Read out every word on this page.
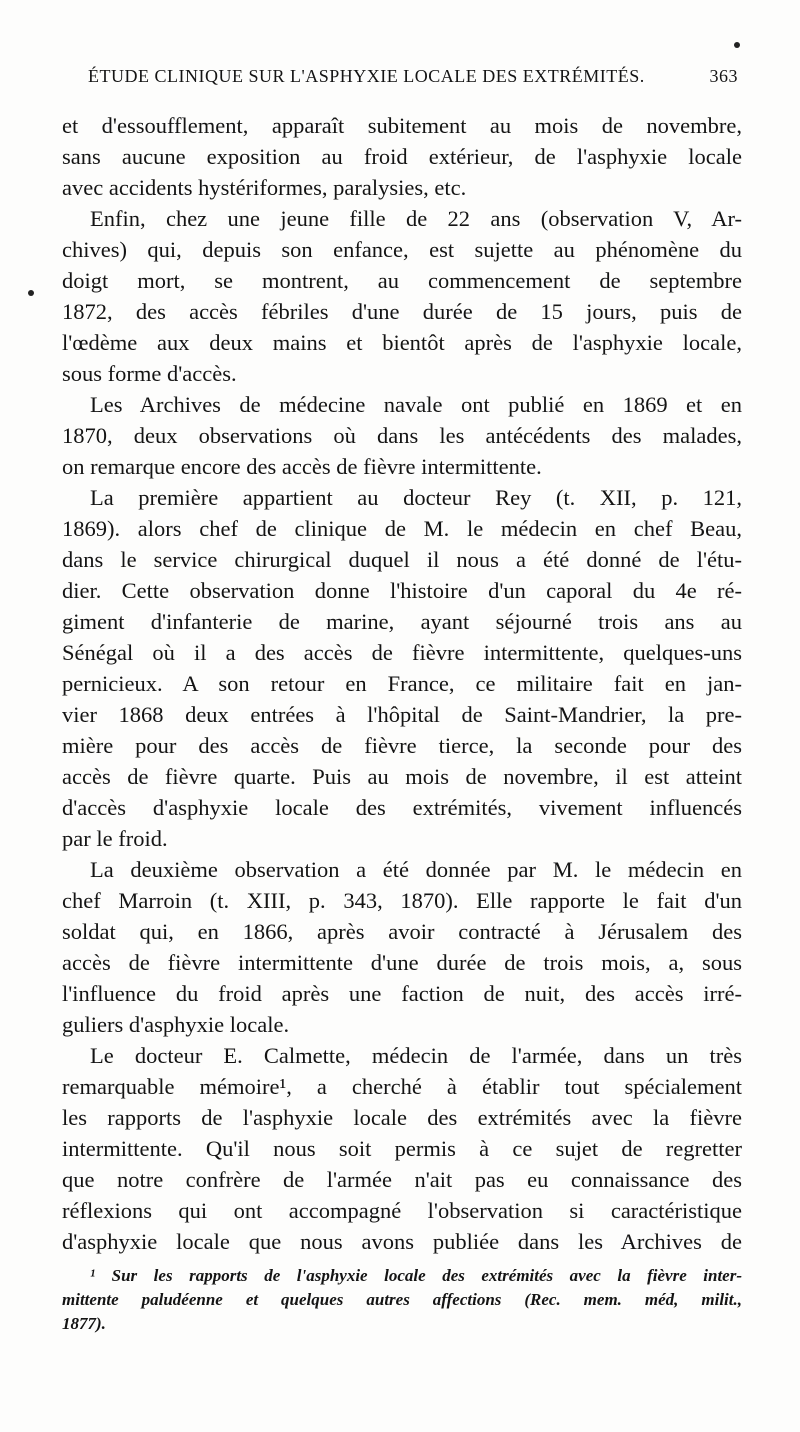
ÉTUDE CLINIQUE SUR L'ASPHYXIE LOCALE DES EXTRÉMITÉS.	363
et d'essoufflement, apparaît subitement au mois de novembre,
sans aucune exposition au froid extérieur, de l'asphyxie locale
avec accidents hystériformes, paralysies, etc.
Enfin, chez une jeune fille de 22 ans (observation V, Ar-
chives) qui, depuis son enfance, est sujette au phénomène du
doigt mort, se montrent, au commencement de septembre
1872, des accès fébriles d'une durée de 15 jours, puis de
l'œdème aux deux mains et bientôt après de l'asphyxie locale,
sous forme d'accès.
Les Archives de médecine navale ont publié en 1869 et en
1870, deux observations où dans les antécédents des malades,
on remarque encore des accès de fièvre intermittente.
La première appartient au docteur Rey (t. XII, p. 121,
1869). alors chef de clinique de M. le médecin en chef Beau,
dans le service chirurgical duquel il nous a été donné de l'étu-
dier. Cette observation donne l'histoire d'un caporal du 4e ré-
giment d'infanterie de marine, ayant séjourné trois ans au
Sénégal où il a des accès de fièvre intermittente, quelques-uns
pernicieux. A son retour en France, ce militaire fait en jan-
vier 1868 deux entrées à l'hôpital de Saint-Mandrier, la pre-
mière pour des accès de fièvre tierce, la seconde pour des
accès de fièvre quarte. Puis au mois de novembre, il est atteint
d'accès d'asphyxie locale des extrémités, vivement influencés
par le froid.
La deuxième observation a été donnée par M. le médecin en
chef Marroin (t. XIII, p. 343, 1870). Elle rapporte le fait d'un
soldat qui, en 1866, après avoir contracté à Jérusalem des
accès de fièvre intermittente d'une durée de trois mois, a, sous
l'influence du froid après une faction de nuit, des accès irré-
guliers d'asphyxie locale.
Le docteur E. Calmette, médecin de l'armée, dans un très
remarquable mémoire¹, a cherché à établir tout spécialement
les rapports de l'asphyxie locale des extrémités avec la fièvre
intermittente. Qu'il nous soit permis à ce sujet de regretter
que notre confrère de l'armée n'ait pas eu connaissance des
réflexions qui ont accompagné l'observation si caractéristique
d'asphyxie locale que nous avons publiée dans les Archives de
¹ Sur les rapports de l'asphyxie locale des extrémités avec la fièvre inter-
mittente paludéenne et quelques autres affections (Rec. mem. méd, milit.,
1877).
